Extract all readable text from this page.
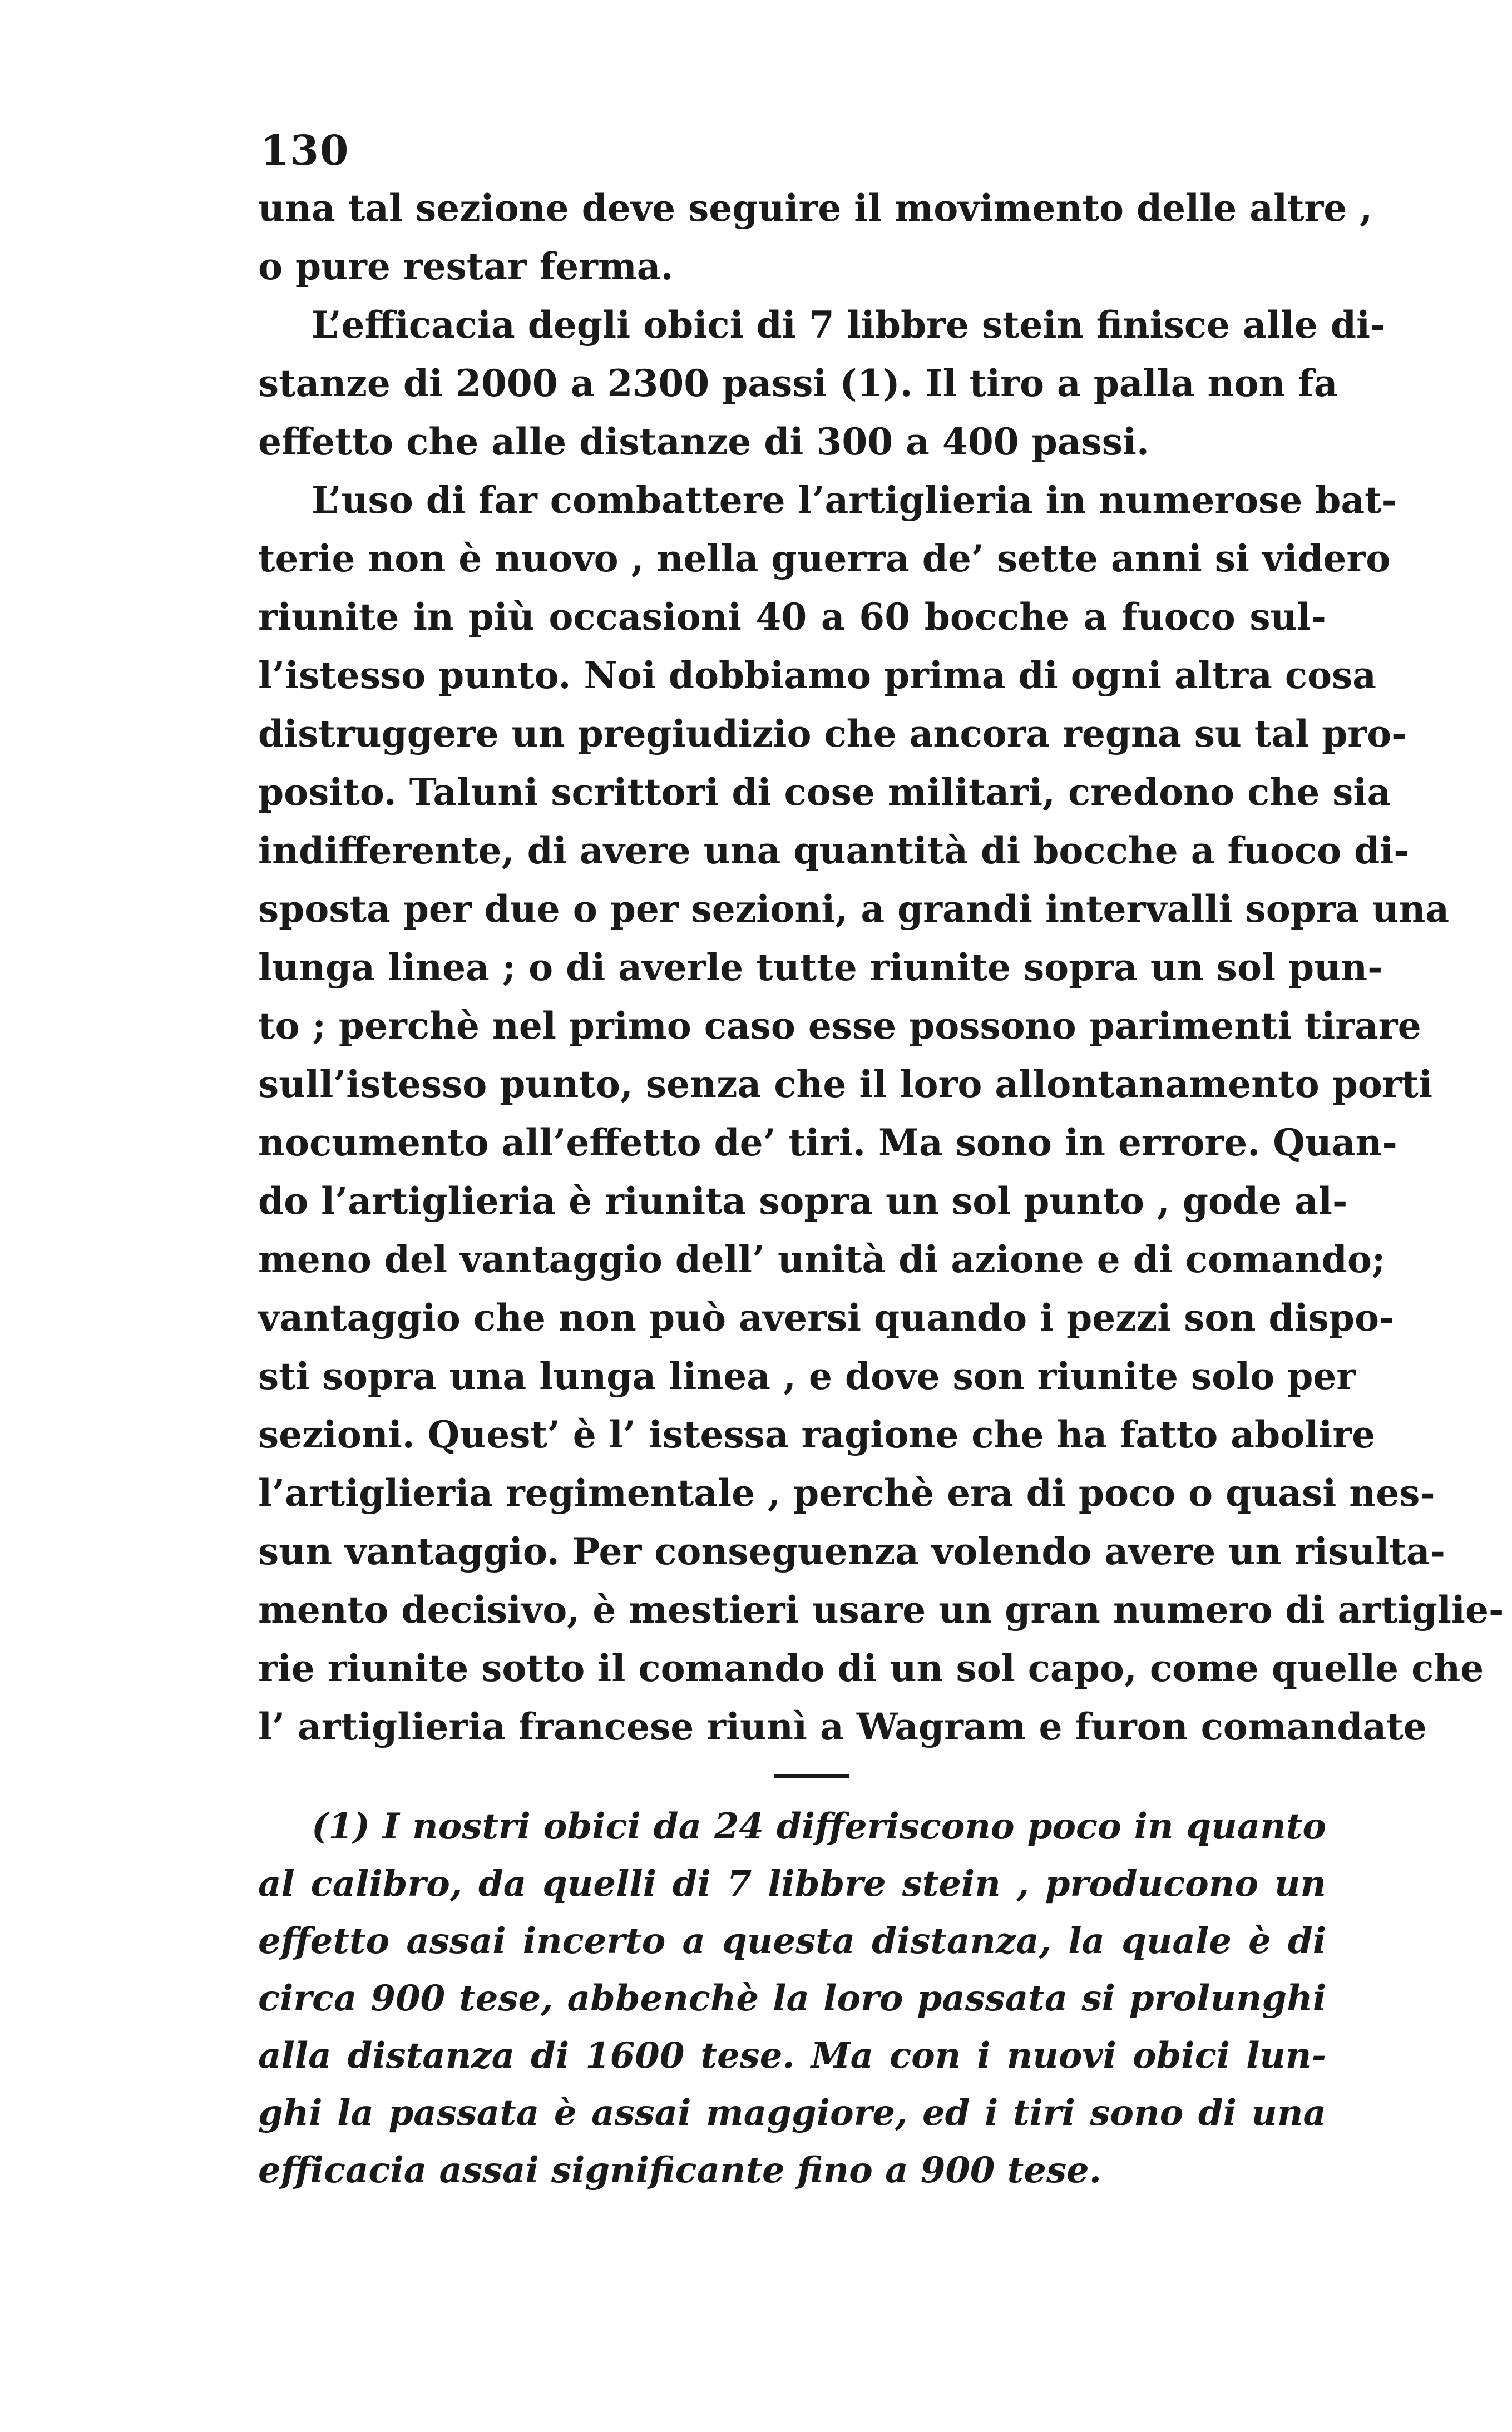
130
una tal sezione deve seguire il movimento delle altre ,
o pure restar ferma.
L’efficacia degli obici di 7 libbre stein finisce alle di-
stanze di 2000 a 2300 passi (1). Il tiro a palla non fa
effetto che alle distanze di 300 a 400 passi.
L’uso di far combattere l’artiglieria in numerose bat-
terie non è nuovo , nella guerra de’ sette anni si videro
riunite in più occasioni 40 a 60 bocche a fuoco sul-
l’istesso punto. Noi dobbiamo prima di ogni altra cosa
distruggere un pregiudizio che ancora regna su tal pro-
posito. Taluni scrittori di cose militari, credono che sia
indifferente, di avere una quantità di bocche a fuoco di-
sposta per due o per sezioni, a grandi intervalli sopra una
lunga linea ; o di averle tutte riunite sopra un sol pun-
to ; perchè nel primo caso esse possono parimenti tirare
sull’istesso punto, senza che il loro allontanamento porti
nocumento all’effetto de’ tiri. Ma sono in errore. Quan-
do l’artiglieria è riunita sopra un sol punto , gode al-
meno del vantaggio dell’ unità di azione e di comando;
vantaggio che non può aversi quando i pezzi son dispo-
sti sopra una lunga linea , e dove son riunite solo per
sezioni. Quest’ è l’ istessa ragione che ha fatto abolire
l’artiglieria regimentale , perchè era di poco o quasi nes-
sun vantaggio. Per conseguenza volendo avere un risulta-
mento decisivo, è mestieri usare un gran numero di artiglie-
rie riunite sotto il comando di un sol capo, come quelle che
l’ artiglieria francese riunì a Wagram e furon comandate
(1) I nostri obici da 24 differiscono poco in quanto
al calibro, da quelli di 7 libbre stein , producono un
effetto assai incerto a questa distanza, la quale è di
circa 900 tese, abbenchè la loro passata si prolunghi
alla distanza di 1600 tese. Ma con i nuovi obici lun-
ghi la passata è assai maggiore, ed i tiri sono di una
efficacia assai significante fino a 900 tese.
